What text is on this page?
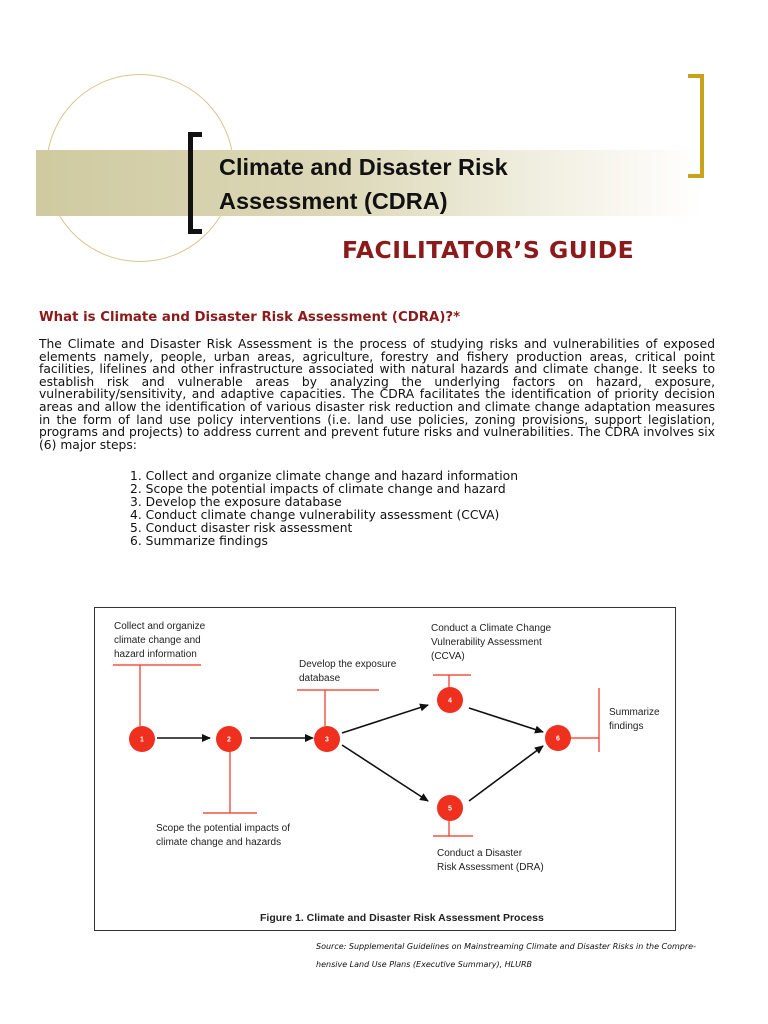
Climate and Disaster Risk
Assessment (CDRA)
FACILITATOR’S GUIDE
What is Climate and Disaster Risk Assessment (CDRA)?*

The Climate and Disaster Risk Assessment is the process of studying risks and vulnerabilities of exposed elements namely, people, urban areas, agriculture, forestry and fishery production areas, critical point facilities, lifelines and other infrastructure associated with natural hazards and climate change. It seeks to establish risk and vulnerable areas by analyzing the underlying factors on hazard, exposure, vulnerability/sensitivity, and adaptive capacities. The CDRA facilitates the identification of priority decision areas and allow the identification of various disaster risk reduction and climate change adaptation measures in the form of land use policy interventions (i.e. land use policies, zoning provisions, support legislation, programs and projects) to address current and prevent future risks and vulnerabilities. The CDRA involves six (6) major steps:

1. Collect and organize climate change and hazard information
2. Scope the potential impacts of climate change and hazard
3. Develop the exposure database
4. Conduct climate change vulnerability assessment (CCVA)
5. Conduct disaster risk assessment
6. Summarize findings
1	2	3
4
5
6
Collect and organize
climate change and
hazard information
Scope the potential impacts of
climate change and hazards
Develop the exposure
database
Conduct a Climate Change
Vulnerability Assessment
(CCVA)
Conduct a Disaster
Risk Assessment (DRA)
Summarize
findings
Figure 1. Climate and Disaster Risk Assessment Process

Source: Supplemental Guidelines on Mainstreaming Climate and Disaster Risks in the Compre-
hensive Land Use Plans (Executive Summary), HLURB
